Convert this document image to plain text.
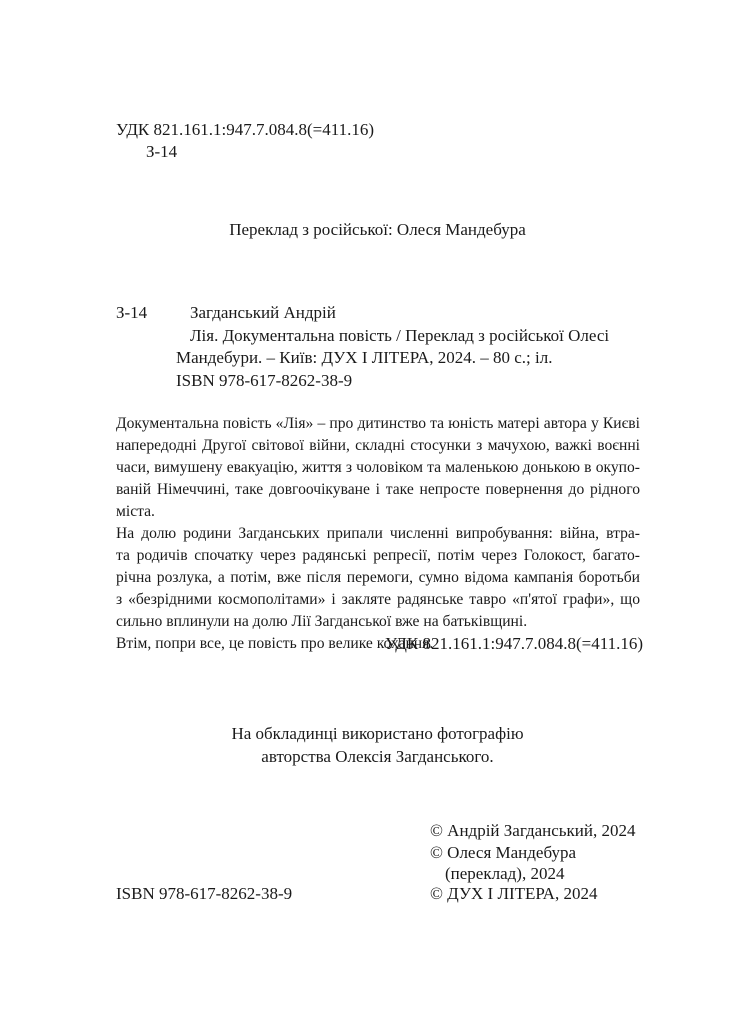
УДК 821.161.1:947.7.084.8(=411.16)
З-14
Переклад з російської: Олеся Мандебура
З-14	Загданський Андрій
Лія. Документальна повість / Переклад з російської Олесі
Мандебури. – Київ: ДУХ І ЛІТЕРА, 2024. – 80 с.; іл.
ISBN 978-617-8262-38-9
Документальна повість «Лія» – про дитинство та юність матері автора у Києві
напередодні Другої світової війни, складні стосунки з мачухою, важкі воєнні
часи, вимушену евакуацію, життя з чоловіком та маленькою донькою в окупо-
ваній Німеччині, таке довгоочікуване і таке непросте повернення до рідного
міста.
На долю родини Загданських припали численні випробування: війна, втра-
та родичів спочатку через радянські репресії, потім через Голокост, багато-
річна розлука, а потім, вже після перемоги, сумно відома кампанія боротьби
з «безрідними космополітами» і закляте радянське тавро «п'ятої графи», що
сильно вплинули на долю Лії Загданської вже на батьківщині.
Втім, попри все, це повість про велике кохання.
УДК 821.161.1:947.7.084.8(=411.16)
На обкладинці використано фотографію
авторства Олексія Загданського.
© Андрій Загданський, 2024
© Олеся Мандебура
(переклад), 2024
© ДУХ І ЛІТЕРА, 2024
ISBN 978-617-8262-38-9
